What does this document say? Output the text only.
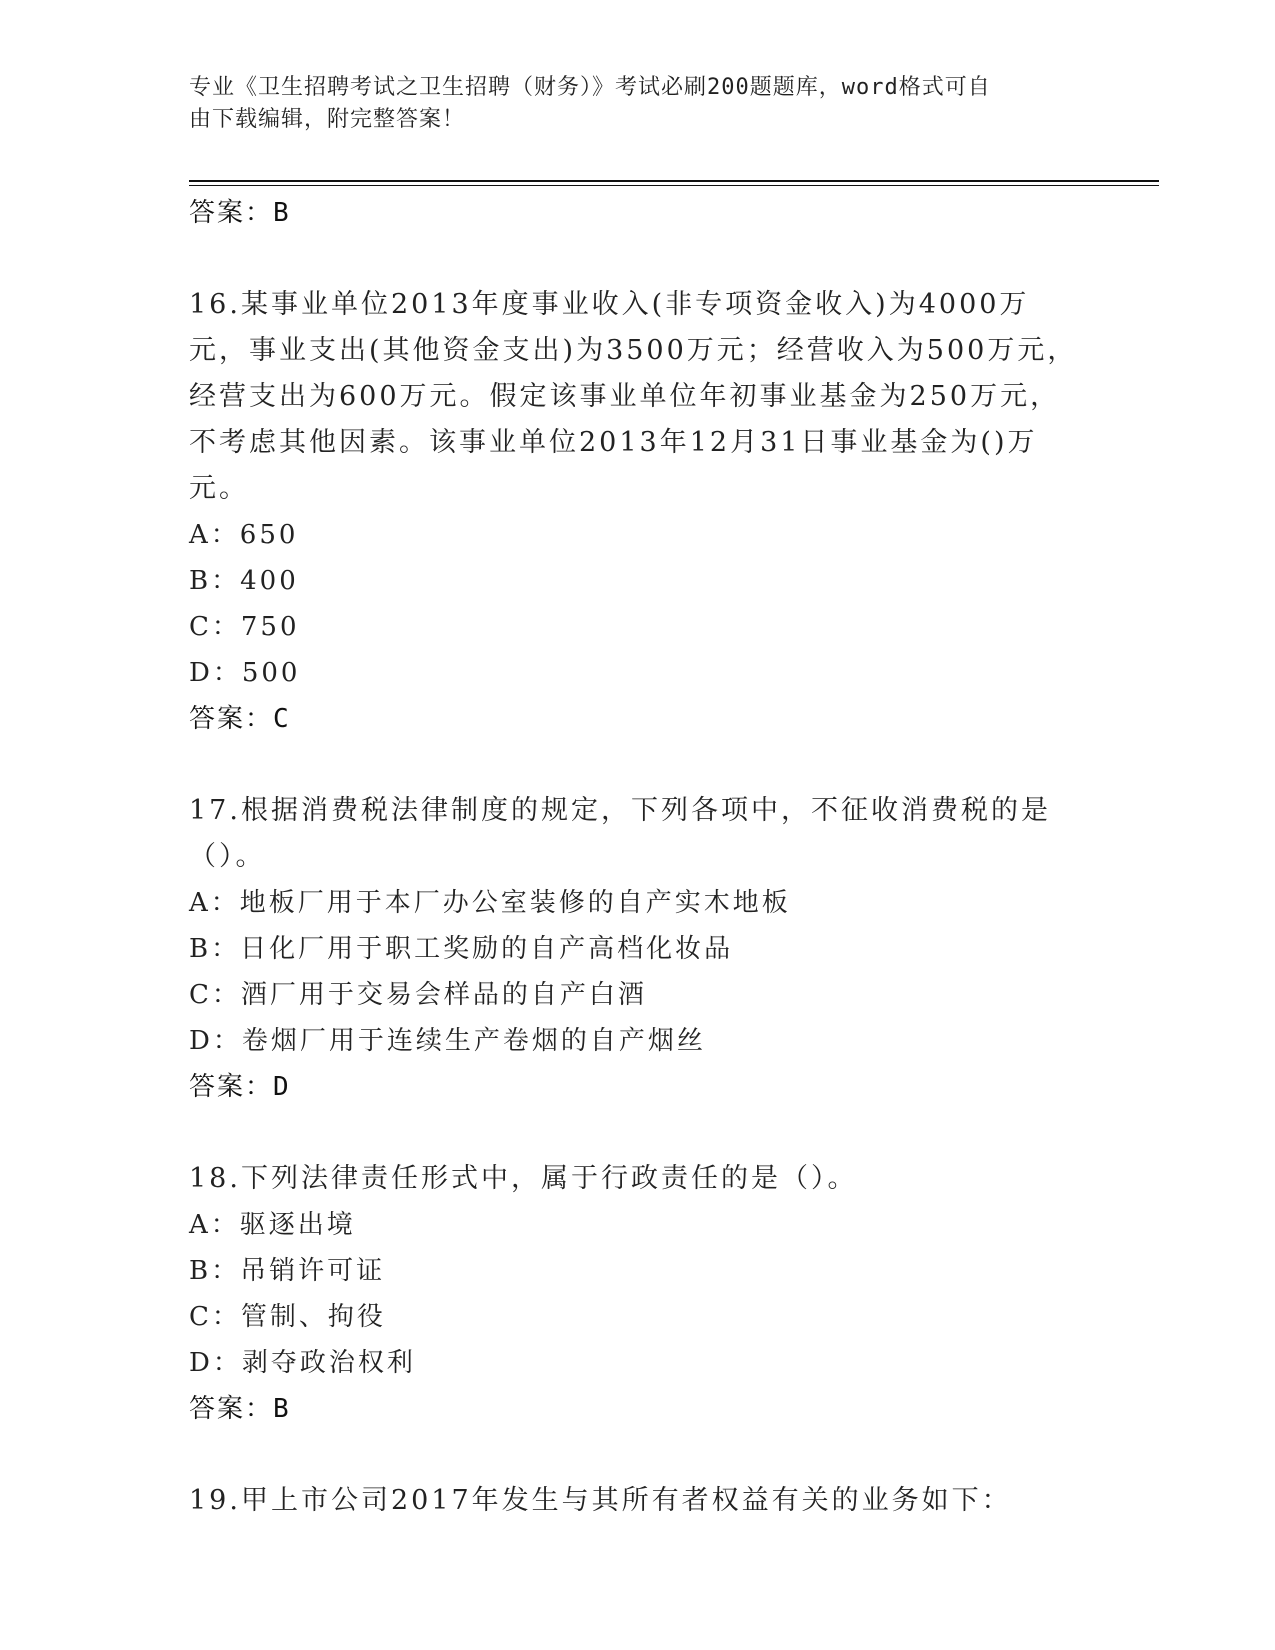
专业《卫生招聘考试之卫生招聘（财务）》考试必刷200题题库，word格式可自
由下载编辑，附完整答案！
答案：B
16.某事业单位2013年度事业收入(非专项资金收入)为4000万元，事业支出(其他资金支出)为3500万元；经营收入为500万元，经营支出为600万元。假定该事业单位年初事业基金为250万元，不考虑其他因素。该事业单位2013年12月31日事业基金为()万元。
A：650
B：400
C：750
D：500
答案：C
17.根据消费税法律制度的规定，下列各项中，不征收消费税的是（）。
A：地板厂用于本厂办公室装修的自产实木地板
B：日化厂用于职工奖励的自产高档化妆品
C：酒厂用于交易会样品的自产白酒
D：卷烟厂用于连续生产卷烟的自产烟丝
答案：D
18.下列法律责任形式中，属于行政责任的是（）。
A：驱逐出境
B：吊销许可证
C：管制、拘役
D：剥夺政治权利
答案：B
19.甲上市公司2017年发生与其所有者权益有关的业务如下：
